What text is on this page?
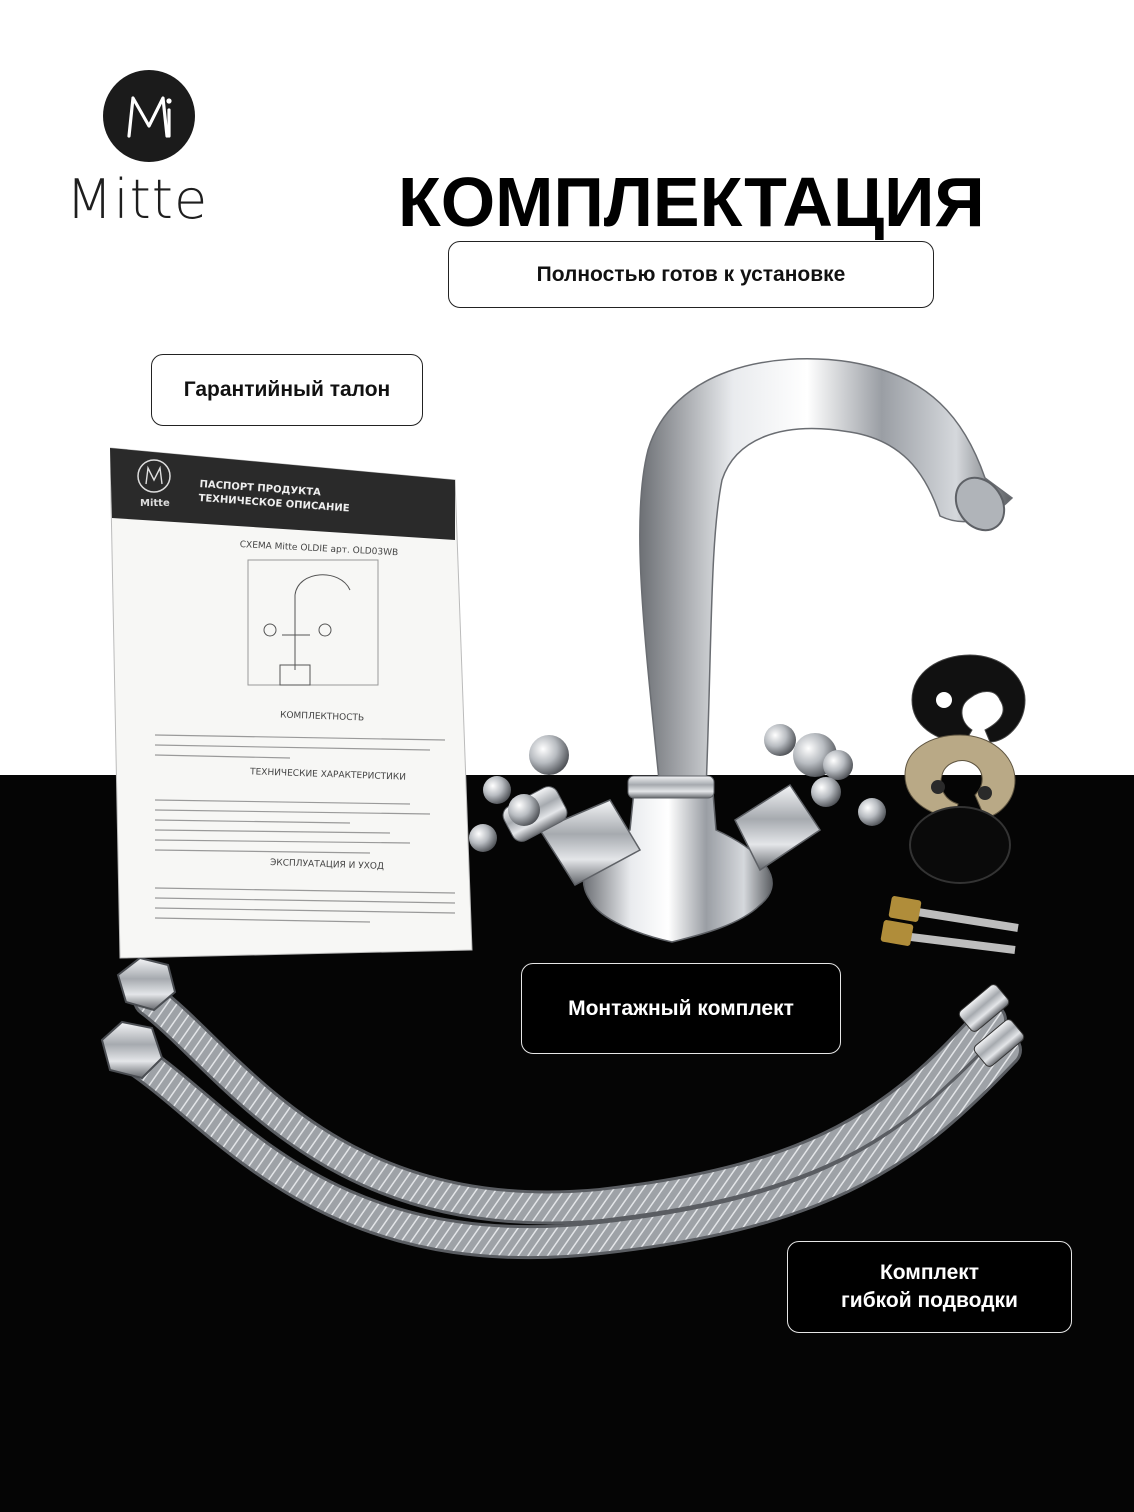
Mitte	КОМПЛЕКТАЦИЯ
Полностью готов к установке
Гарантийный талон
Монтажный комплект
Комплект
гибкой подводки
ПАСПОРТ ПРОДУКТА
ТЕХНИЧЕСКОЕ ОПИСАНИЕ
Mitte
СХЕМА Mitte OLDIE арт. OLD03WB
КОМПЛЕКТНОСТЬ
ТЕХНИЧЕСКИЕ ХАРАКТЕРИСТИКИ
ЭКСПЛУАТАЦИЯ И УХОД
